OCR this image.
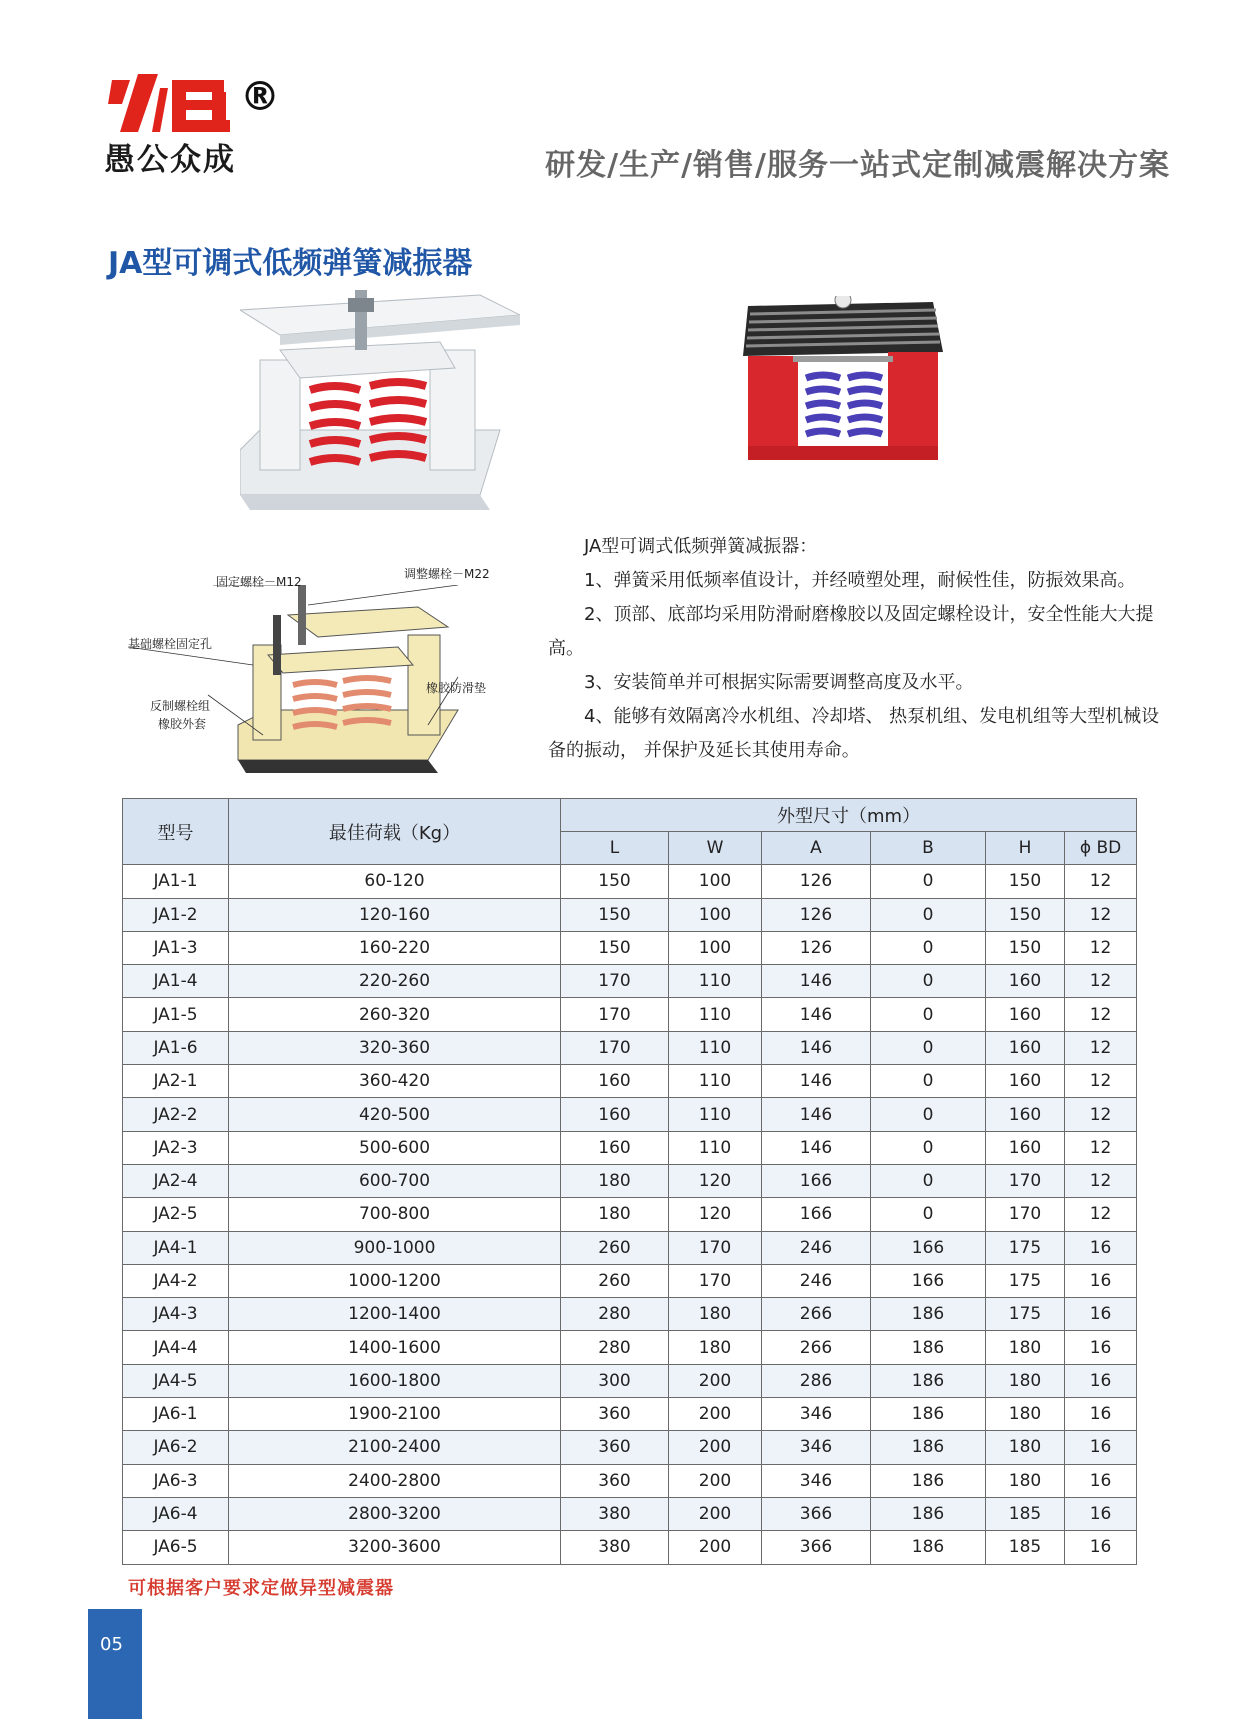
®
愚公众成	研发/生产/销售/服务一站式定制减震解决方案
JA型可调式低频弹簧减振器
固定螺栓－M12
调整螺栓－M22
基础螺栓固定孔
橡胶防滑垫
反制螺栓组
橡胶外套

JA型可调式低频弹簧减振器：

1、弹簧采用低频率值设计，并经喷塑处理，耐候性佳，防振效果高。

2、顶部、底部均采用防滑耐磨橡胶以及固定螺栓设计，安全性能大大提高。

3、安装简单并可根据实际需要调整高度及水平。

4、能够有效隔离冷水机组、冷却塔、 热泵机组、发电机组等大型机械设备的振动， 并保护及延长其使用寿命。

型号	最佳荷载（Kg）	外型尺寸（mm）					
		L	W	A	B	H	ϕ BD
JA1-1	60-120	150	100	126	0	150	12
JA1-2	120-160	150	100	126	0	150	12
JA1-3	160-220	150	100	126	0	150	12
JA1-4	220-260	170	110	146	0	160	12
JA1-5	260-320	170	110	146	0	160	12
JA1-6	320-360	170	110	146	0	160	12
JA2-1	360-420	160	110	146	0	160	12
JA2-2	420-500	160	110	146	0	160	12
JA2-3	500-600	160	110	146	0	160	12
JA2-4	600-700	180	120	166	0	170	12
JA2-5	700-800	180	120	166	0	170	12
JA4-1	900-1000	260	170	246	166	175	16
JA4-2	1000-1200	260	170	246	166	175	16
JA4-3	1200-1400	280	180	266	186	175	16
JA4-4	1400-1600	280	180	266	186	180	16
JA4-5	1600-1800	300	200	286	186	180	16
JA6-1	1900-2100	360	200	346	186	180	16
JA6-2	2100-2400	360	200	346	186	180	16
JA6-3	2400-2800	360	200	346	186	180	16
JA6-4	2800-3200	380	200	366	186	185	16
JA6-5	3200-3600	380	200	366	186	185	16
可根据客户要求定做异型减震器
05
